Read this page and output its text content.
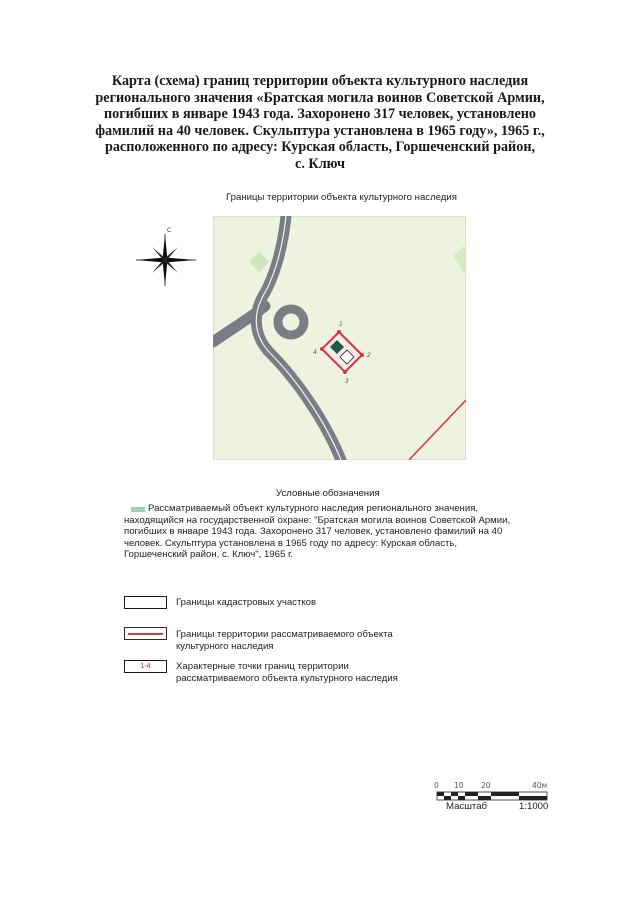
Карта (схема) границ территории объекта культурного наследия
регионального значения «Братская могила воинов Советской Армии,
погибших в январе 1943 года. Захоронено 317 человек, установлено
фамилий на 40 человек. Скульптура установлена в 1965 году», 1965 г.,
расположенного по адресу: Курская область, Горшеченский район,
с. Ключ
Границы территории объекта культурного наследия
С
1
2
3
4
Условные обозначения
Рассматриваемый объект культурного наследия регионального значения,
находящийся на государственной охране: "Братская могила воинов Советской Армии,
погибших в январе 1943 года. Захоронено 317 человек, установлено фамилий на 40
человек. Скульптура установлена в 1965 году по адресу: Курская область,
Горшеченский район, с. Ключ", 1965 г.
Границы кадастровых участков
Границы территории рассматриваемого объекта
культурного наследия
1-4	Характерные точки границ территории
рассматриваемого объекта культурного наследия
0 10 20	40м
Масштаб	1:1000
